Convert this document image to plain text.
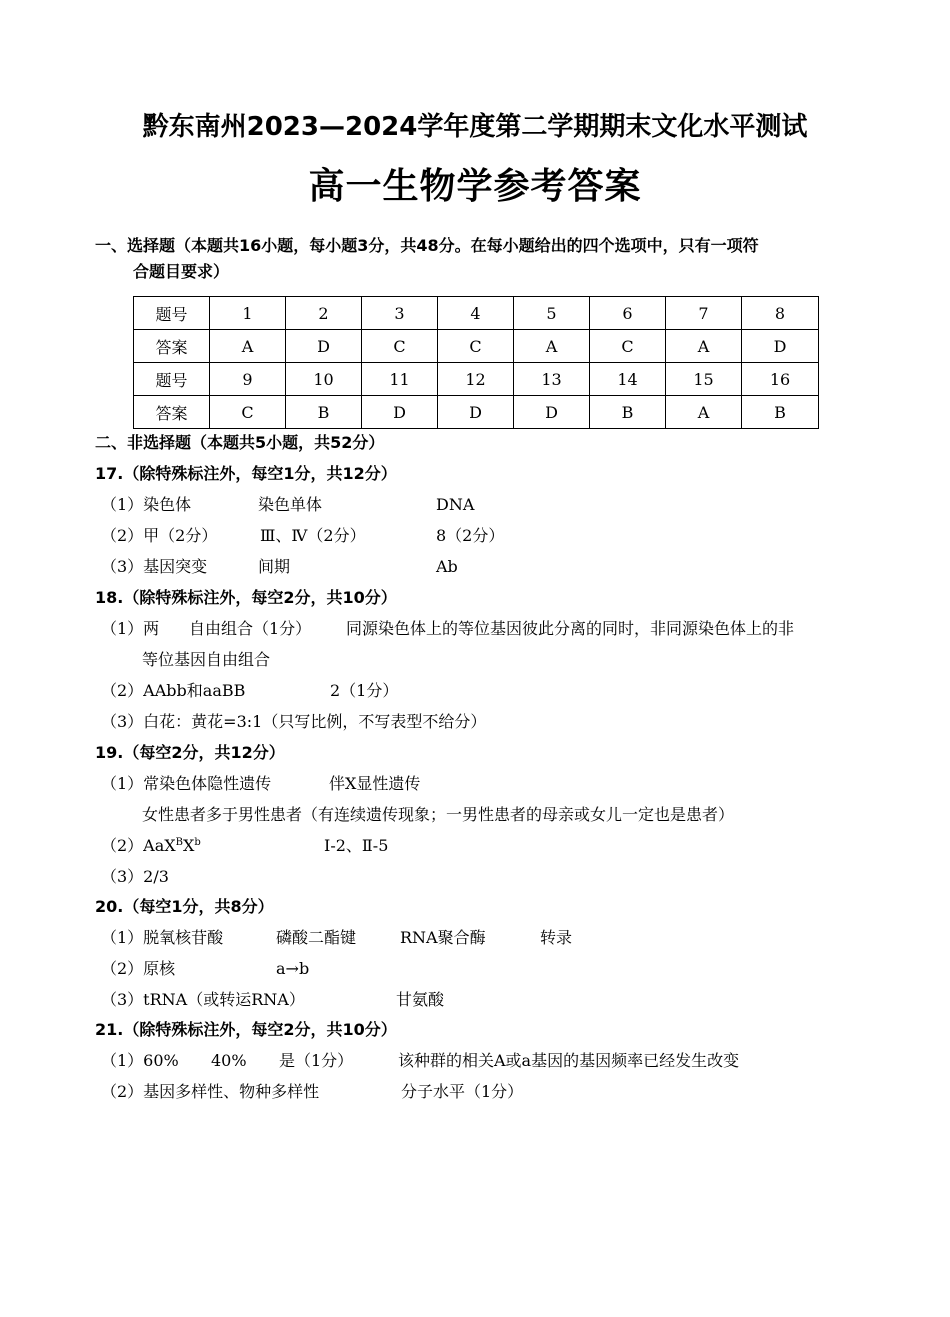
黔东南州2023—2024学年度第二学期期末文化水平测试
高一生物学参考答案
一、选择题（本题共16小题，每小题3分，共48分。在每小题给出的四个选项中，只有一项符
合题目要求）
题号	1	2	3	4	5	6	7	8
答案	A	D	C	C	A	C	A	D
题号	9	10	11	12	13	14	15	16
答案	C	B	D	D	D	B	A	B
二、非选择题（本题共5小题，共52分）
17.（除特殊标注外，每空1分，共12分）
（1）染色体	染色单体	DNA
（2）甲（2分）	Ⅲ、Ⅳ（2分）	8（2分）
（3）基因突变	间期	Ab
18.（除特殊标注外，每空2分，共10分）
（1）两 自由组合（1分） 同源染色体上的等位基因彼此分离的同时，非同源染色体上的非
等位基因自由组合
（2）AAbb和aaBB	2（1分）
（3）白花：黄花=3:1（只写比例，不写表型不给分）
19.（每空2分，共12分）
（1）常染色体隐性遗传	伴X显性遗传
女性患者多于男性患者（有连续遗传现象；一男性患者的母亲或女儿一定也是患者）
$(2)AaX^BX^b$	Ⅰ-2、Ⅱ-5
（3）2/3
20.（每空1分，共8分）
（1）脱氧核苷酸	磷酸二酯键	RNA聚合酶	转录
（2）原核	a→b
（3）tRNA（或转运RNA）	甘氨酸
21.（除特殊标注外，每空2分，共10分）
（1）60% 40% 是（1分）	该种群的相关A或a基因的基因频率已经发生改变
（2）基因多样性、物种多样性	分子水平（1分）
